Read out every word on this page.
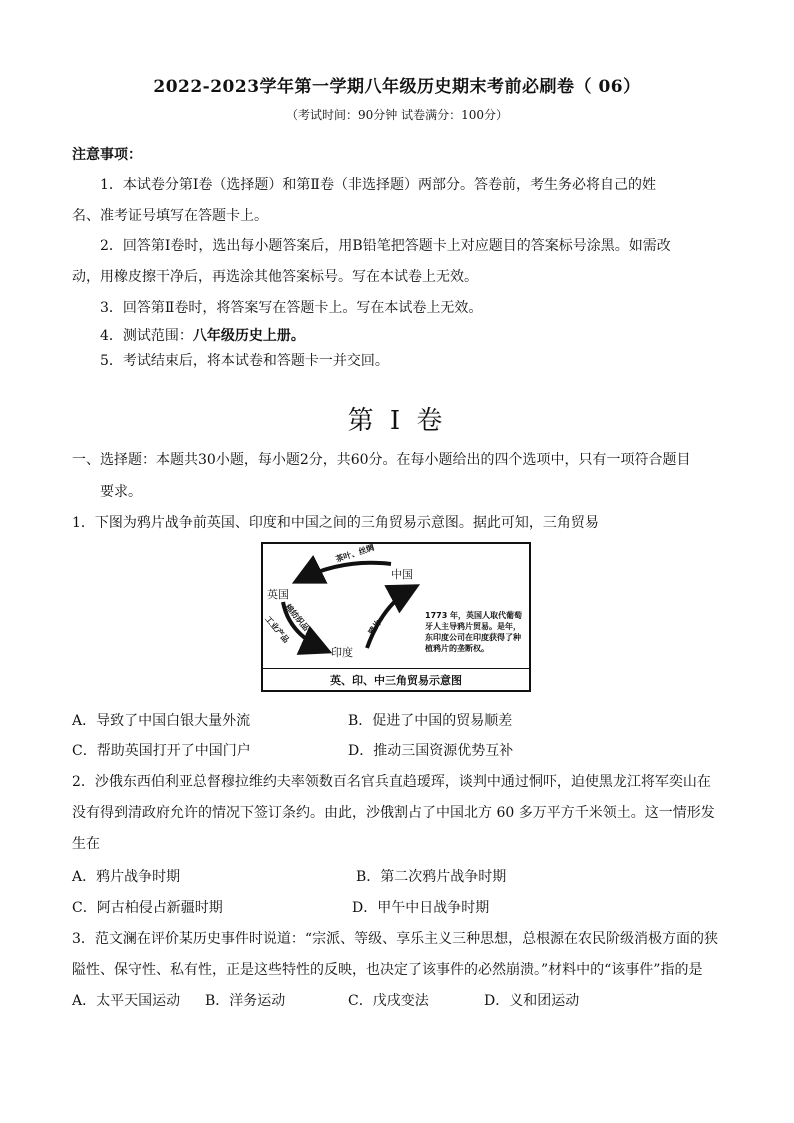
2022-2023学年第一学期八年级历史期末考前必刷卷（ 06）
（考试时间：90分钟 试卷满分：100分）
注意事项：
1．本试卷分第Ⅰ卷（选择题）和第Ⅱ卷（非选择题）两部分。答卷前，考生务必将自己的姓
名、准考证号填写在答题卡上。
2．回答第Ⅰ卷时，选出每小题答案后，用B铅笔把答题卡上对应题目的答案标号涂黑。如需改
动，用橡皮擦干净后，再选涂其他答案标号。写在本试卷上无效。
3．回答第Ⅱ卷时，将答案写在答题卡上。写在本试卷上无效。
4．测试范围：八年级历史上册。
5．考试结束后，将本试卷和答题卡一并交回。
第 I 卷
一、选择题：本题共30小题，每小题2分，共60分。在每小题给出的四个选项中，只有一项符合题目
要求。
1．下图为鸦片战争前英国、印度和中国之间的三角贸易示意图。据此可知，三角贸易
茶叶、丝绸
中国
英国
棉纺织品
工业产品	鸦片
印度
1773 年，英国人取代葡萄牙人主导鸦片贸易。是年，东印度公司在印度获得了种植鸦片的垄断权。
英、印、中三角贸易示意图
A．导致了中国白银大量外流	B．促进了中国的贸易顺差
C．帮助英国打开了中国门户	D．推动三国资源优势互补
2．沙俄东西伯利亚总督穆拉维约夫率领数百名官兵直趋瑷珲，谈判中通过恫吓，迫使黑龙江将军奕山在
没有得到清政府允许的情况下签订条约。由此，沙俄割占了中国北方 60 多万平方千米领土。这一情形发
生在
A．鸦片战争时期	B．第二次鸦片战争时期
C．阿古柏侵占新疆时期	D．甲午中日战争时期
3．范文澜在评价某历史事件时说道：“宗派、等级、享乐主义三种思想，总根源在农民阶级消极方面的狭
隘性、保守性、私有性，正是这些特性的反映，也决定了该事件的必然崩溃。”材料中的“该事件”指的是
A．太平天国运动 B．洋务运动	C．戊戌变法	D．义和团运动
